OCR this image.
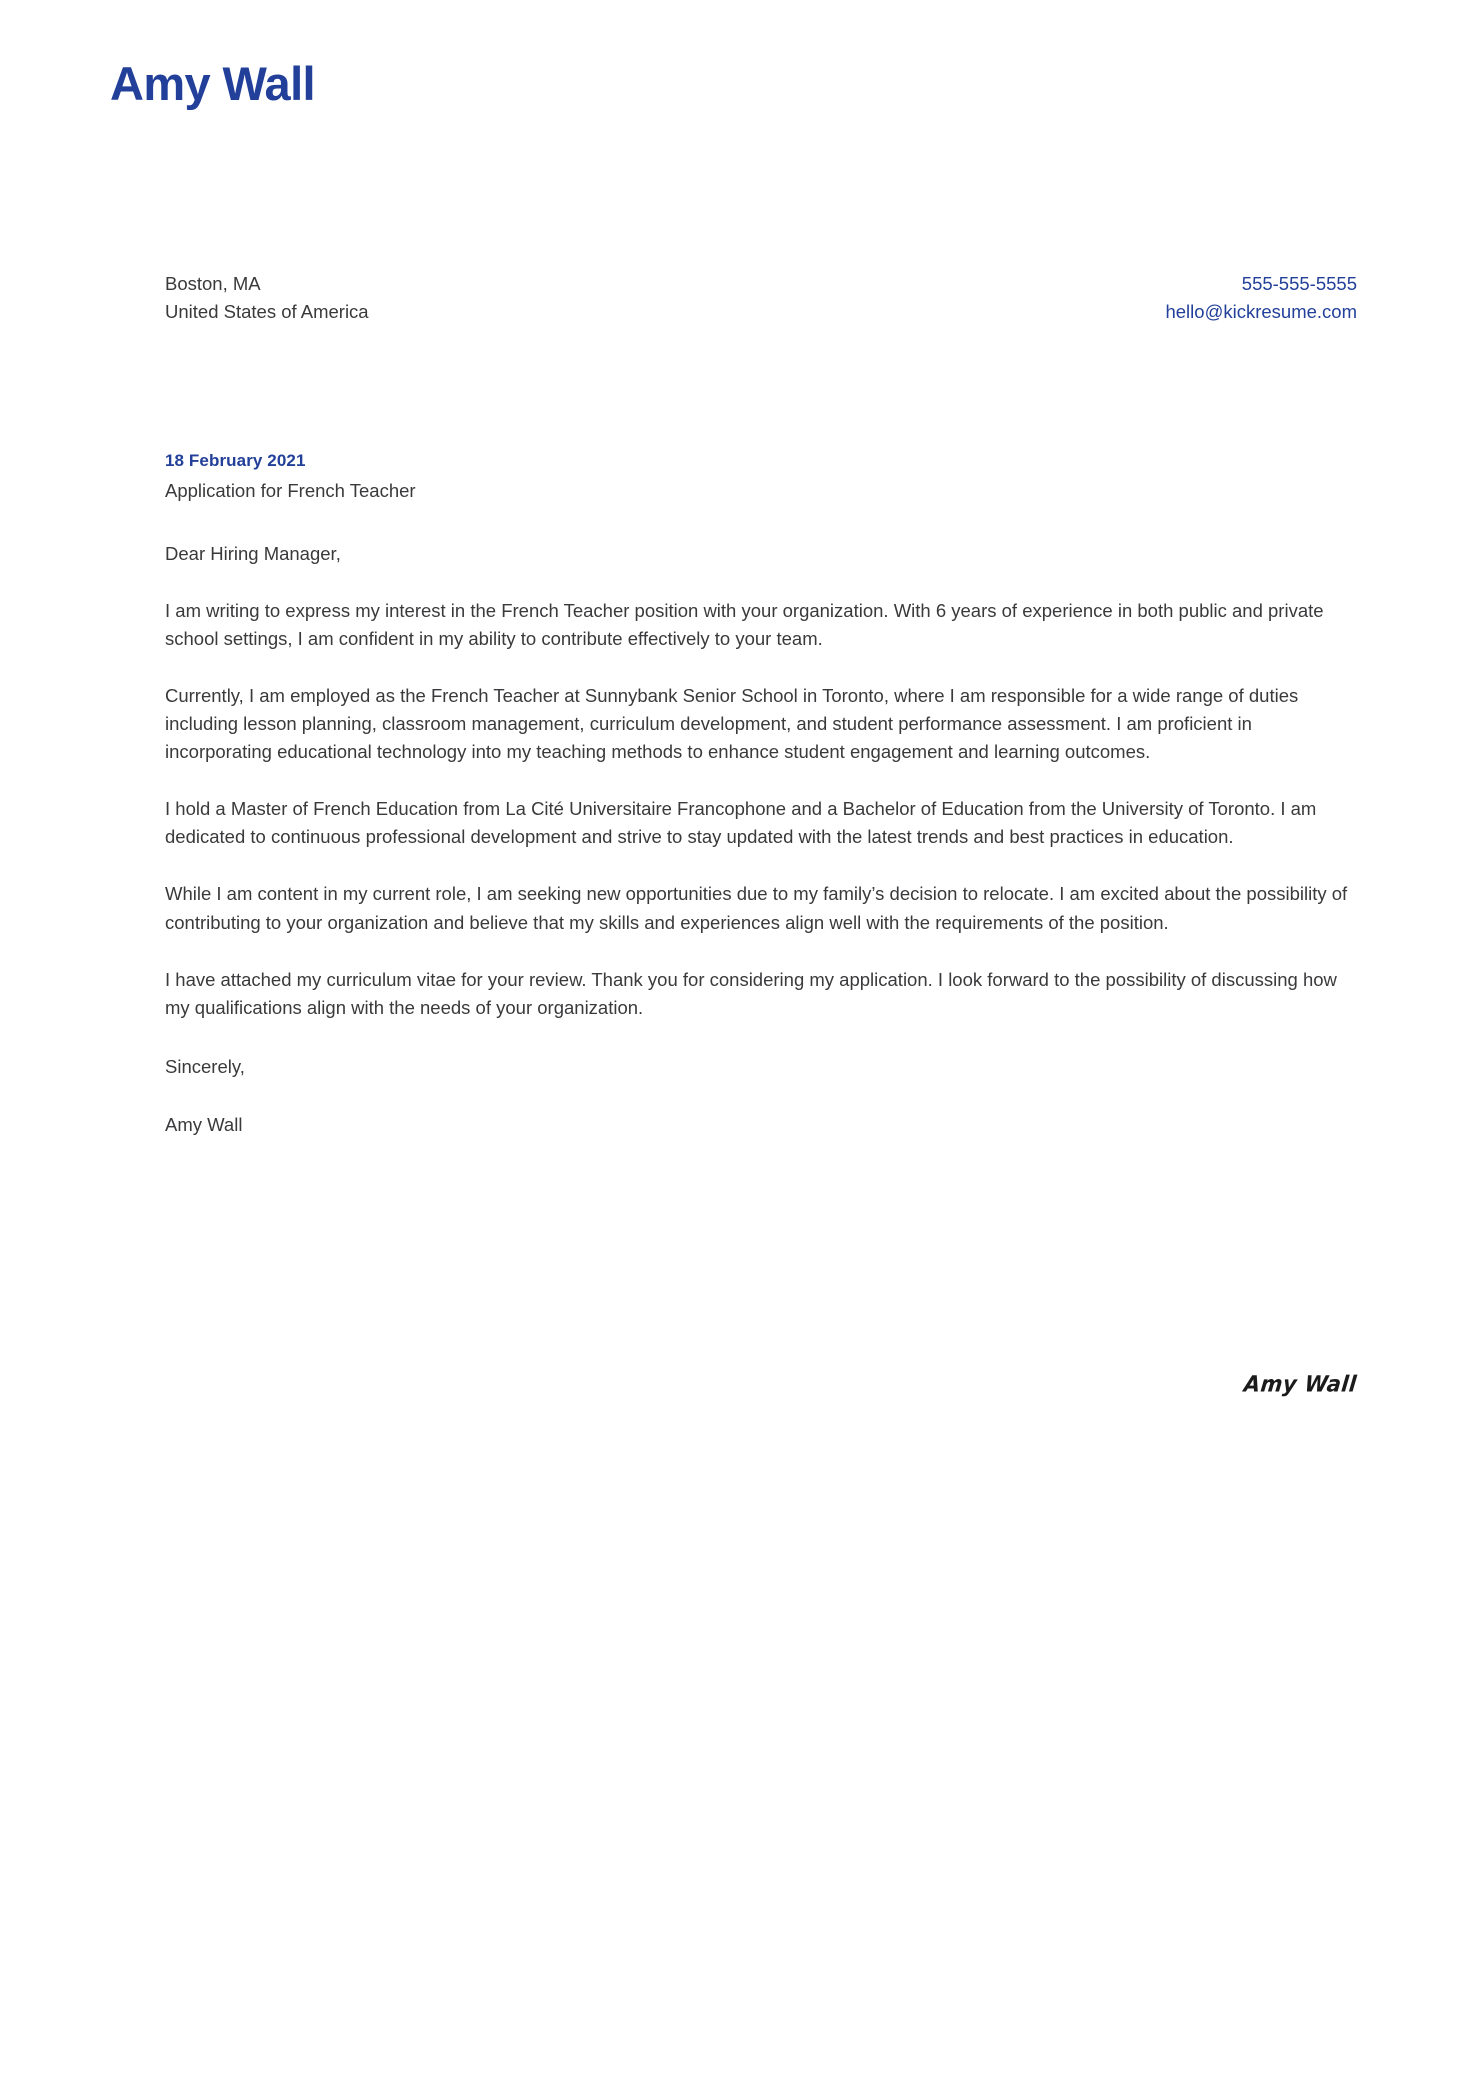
Amy Wall
Boston, MA
United States of America
555-555-5555
hello@kickresume.com

18 February 2021

Application for French Teacher

Dear Hiring Manager,

I am writing to express my interest in the French Teacher position with your organization. With 6 years of experience in both public and private school settings, I am confident in my ability to contribute effectively to your team.

Currently, I am employed as the French Teacher at Sunnybank Senior School in Toronto, where I am responsible for a wide range of duties including lesson planning, classroom management, curriculum development, and student performance assessment. I am proficient in incorporating educational technology into my teaching methods to enhance student engagement and learning outcomes.

I hold a Master of French Education from La Cité Universitaire Francophone and a Bachelor of Education from the University of Toronto. I am dedicated to continuous professional development and strive to stay updated with the latest trends and best practices in education.

While I am content in my current role, I am seeking new opportunities due to my family’s decision to relocate. I am excited about the possibility of contributing to your organization and believe that my skills and experiences align well with the requirements of the position.

I have attached my curriculum vitae for your review. Thank you for considering my application. I look forward to the possibility of discussing how my qualifications align with the needs of your organization.

Sincerely,

Amy Wall

Amy Wall
